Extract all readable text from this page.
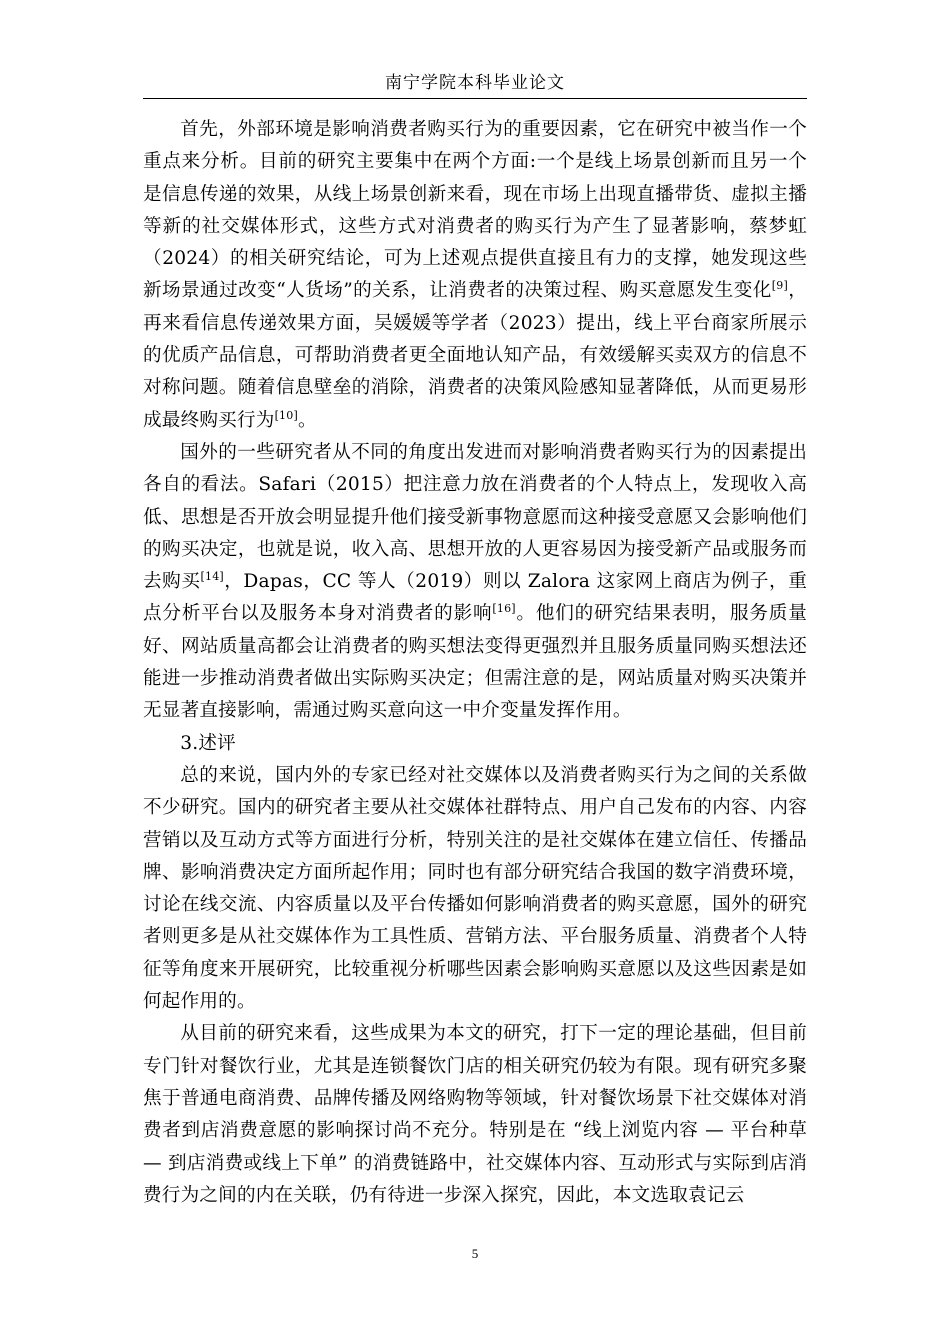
南宁学院本科毕业论文

首先，外部环境是影响消费者购买行为的重要因素，它在研究中被当作一个重点来分析。目前的研究主要集中在两个方面:一个是线上场景创新而且另一个是信息传递的效果，从线上场景创新来看，现在市场上出现直播带货、虚拟主播等新的社交媒体形式，这些方式对消费者的购买行为产生了显著影响，蔡梦虹（2024）的相关研究结论，可为上述观点提供直接且有力的支撑，她发现这些新场景通过改变“人货场”的关系，让消费者的决策过程、购买意愿发生变化[9]，再来看信息传递效果方面，吴媛媛等学者（2023）提出，线上平台商家所展示的优质产品信息，可帮助消费者更全面地认知产品，有效缓解买卖双方的信息不对称问题。随着信息壁垒的消除，消费者的决策风险感知显著降低，从而更易形成最终购买行为[10]。

国外的一些研究者从不同的角度出发进而对影响消费者购买行为的因素提出各自的看法。Safari（2015）把注意力放在消费者的个人特点上，发现收入高低、思想是否开放会明显提升他们接受新事物意愿而这种接受意愿又会影响他们的购买决定，也就是说，收入高、思想开放的人更容易因为接受新产品或服务而去购买[14]，Dapas，CC 等人（2019）则以 Zalora 这家网上商店为例子，重点分析平台以及服务本身对消费者的影响[16]。他们的研究结果表明，服务质量好、网站质量高都会让消费者的购买想法变得更强烈并且服务质量同购买想法还能进一步推动消费者做出实际购买决定；但需注意的是，网站质量对购买决策并无显著直接影响，需通过购买意向这一中介变量发挥作用。

3.述评

总的来说，国内外的专家已经对社交媒体以及消费者购买行为之间的关系做不少研究。国内的研究者主要从社交媒体社群特点、用户自己发布的内容、内容营销以及互动方式等方面进行分析，特别关注的是社交媒体在建立信任、传播品牌、影响消费决定方面所起作用；同时也有部分研究结合我国的数字消费环境，讨论在线交流、内容质量以及平台传播如何影响消费者的购买意愿，国外的研究者则更多是从社交媒体作为工具性质、营销方法、平台服务质量、消费者个人特征等角度来开展研究，比较重视分析哪些因素会影响购买意愿以及这些因素是如何起作用的。

从目前的研究来看，这些成果为本文的研究，打下一定的理论基础，但目前专门针对餐饮行业，尤其是连锁餐饮门店的相关研究仍较为有限。现有研究多聚焦于普通电商消费、品牌传播及网络购物等领域，针对餐饮场景下社交媒体对消费者到店消费意愿的影响探讨尚不充分。特别是在 “线上浏览内容 — 平台种草 — 到店消费或线上下单” 的消费链路中，社交媒体内容、互动形式与实际到店消费行为之间的内在关联，仍有待进一步深入探究，因此，本文选取袁记云

5
